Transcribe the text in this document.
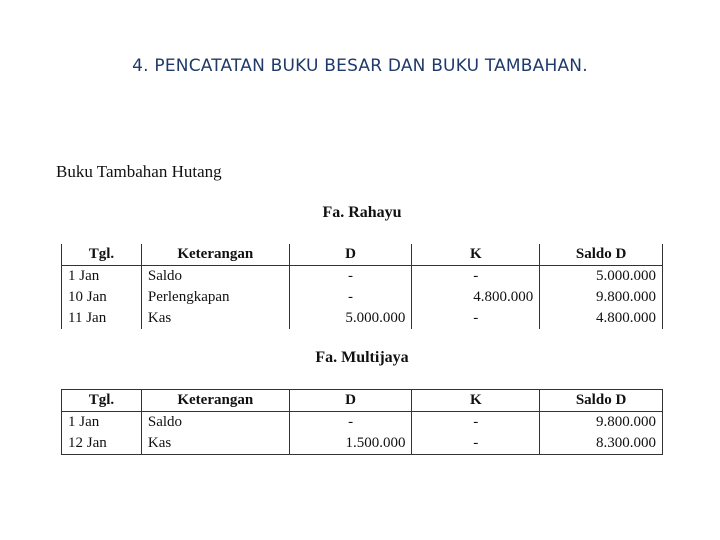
4. PENCATATAN BUKU BESAR DAN BUKU TAMBAHAN.
Buku Tambahan Hutang
Fa. Rahayu
Tgl.	Keterangan	D	K	Saldo D
1 Jan	Saldo	-	-	5.000.000
10 Jan	Perlengkapan	-	4.800.000	9.800.000
11 Jan	Kas	5.000.000	-	4.800.000
Fa. Multijaya
Tgl.	Keterangan	D	K	Saldo D
1 Jan	Saldo	-	-	9.800.000
12 Jan	Kas	1.500.000	-	8.300.000
